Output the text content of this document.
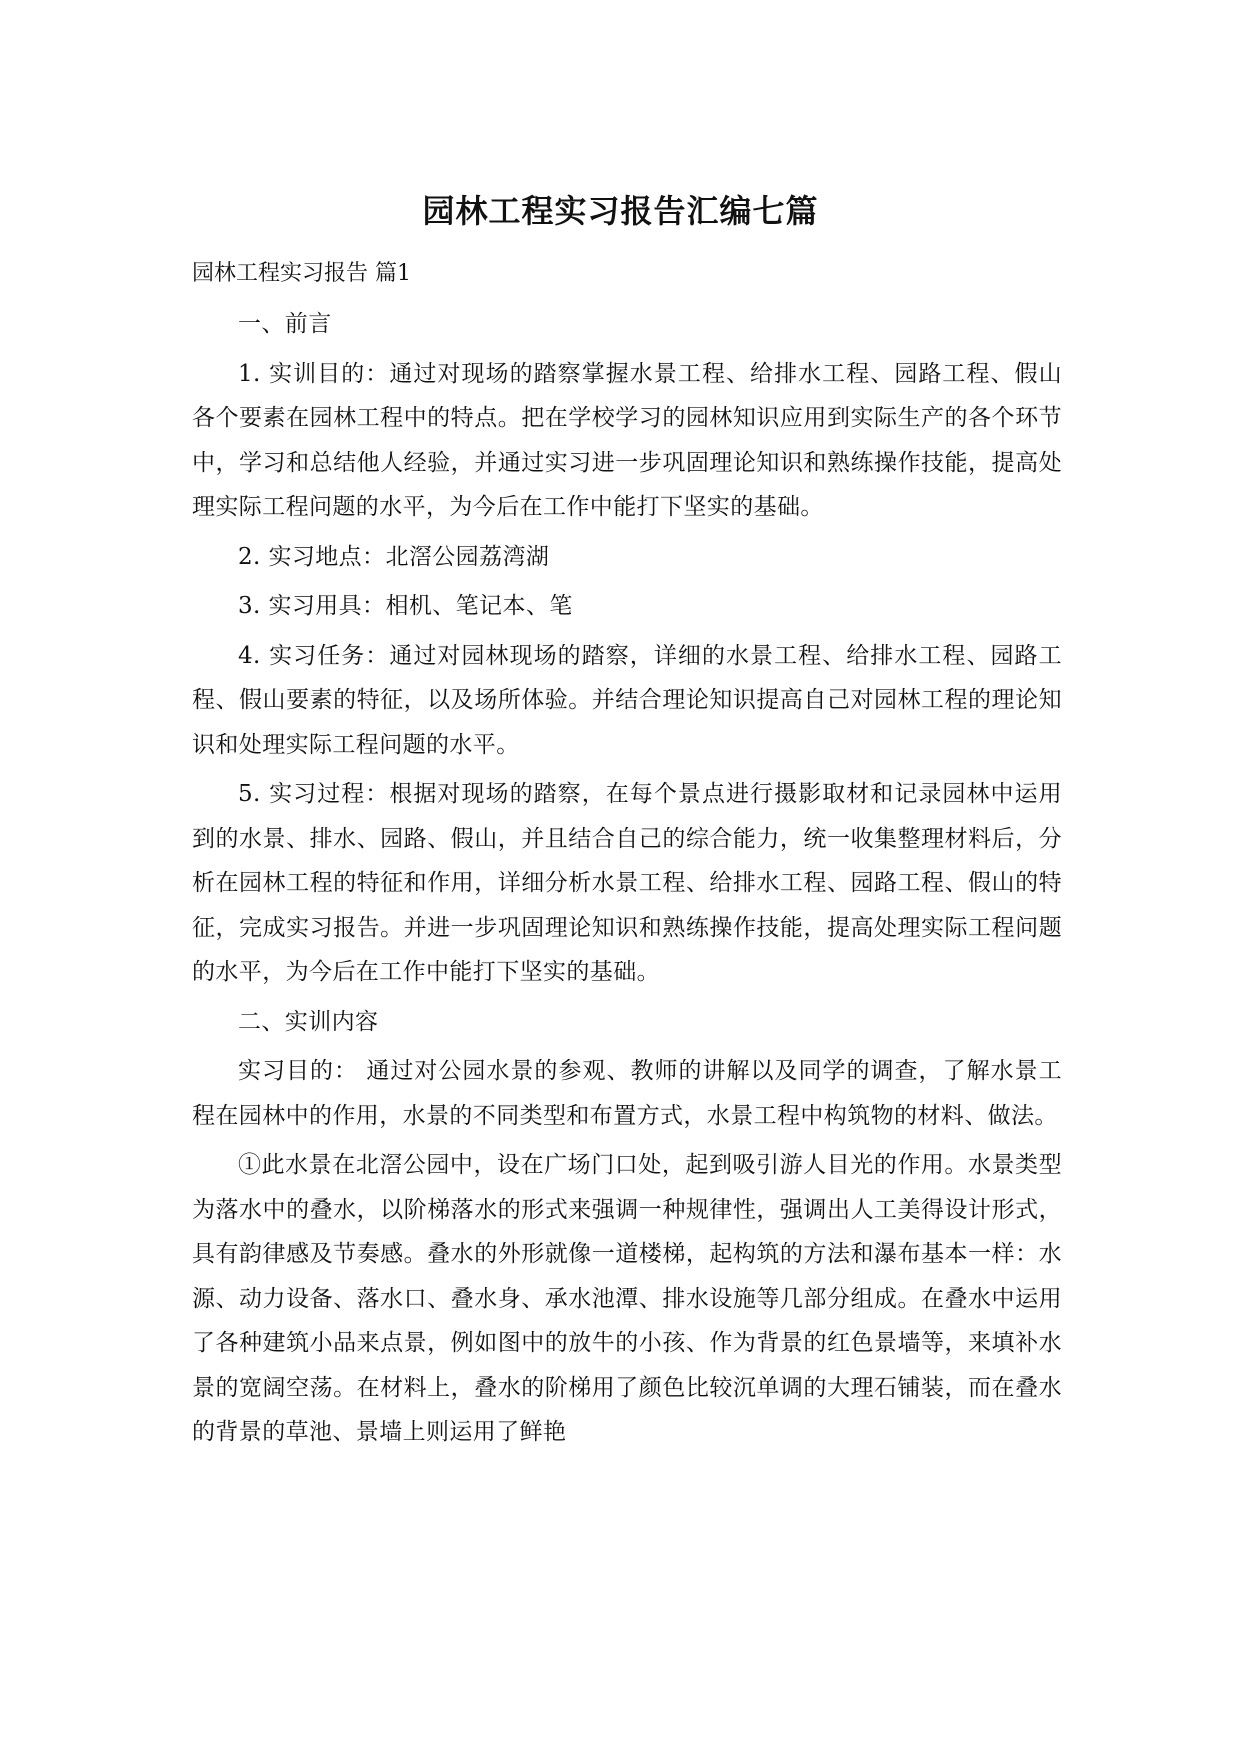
园林工程实习报告汇编七篇
园林工程实习报告 篇1

一、前言

1. 实训目的：通过对现场的踏察掌握水景工程、给排水工程、园路工程、假山各个要素在园林工程中的特点。把在学校学习的园林知识应用到实际生产的各个环节中，学习和总结他人经验，并通过实习进一步巩固理论知识和熟练操作技能，提高处理实际工程问题的水平，为今后在工作中能打下坚实的基础。

2. 实习地点：北滘公园荔湾湖

3. 实习用具：相机、笔记本、笔

4. 实习任务：通过对园林现场的踏察，详细的水景工程、给排水工程、园路工程、假山要素的特征，以及场所体验。并结合理论知识提高自己对园林工程的理论知识和处理实际工程问题的水平。

5. 实习过程：根据对现场的踏察，在每个景点进行摄影取材和记录园林中运用到的水景、排水、园路、假山，并且结合自己的综合能力，统一收集整理材料后，分析在园林工程的特征和作用，详细分析水景工程、给排水工程、园路工程、假山的特征，完成实习报告。并进一步巩固理论知识和熟练操作技能，提高处理实际工程问题的水平，为今后在工作中能打下坚实的基础。

二、实训内容

实习目的： 通过对公园水景的参观、教师的讲解以及同学的调查，了解水景工程在园林中的作用，水景的不同类型和布置方式，水景工程中构筑物的材料、做法。

①此水景在北滘公园中，设在广场门口处，起到吸引游人目光的作用。水景类型为落水中的叠水，以阶梯落水的形式来强调一种规律性，强调出人工美得设计形式，具有韵律感及节奏感。叠水的外形就像一道楼梯，起构筑的方法和瀑布基本一样：水源、动力设备、落水口、叠水身、承水池潭、排水设施等几部分组成。在叠水中运用了各种建筑小品来点景，例如图中的放牛的小孩、作为背景的红色景墙等，来填补水景的宽阔空荡。在材料上，叠水的阶梯用了颜色比较沉单调的大理石铺装，而在叠水的背景的草池、景墙上则运用了鲜艳
